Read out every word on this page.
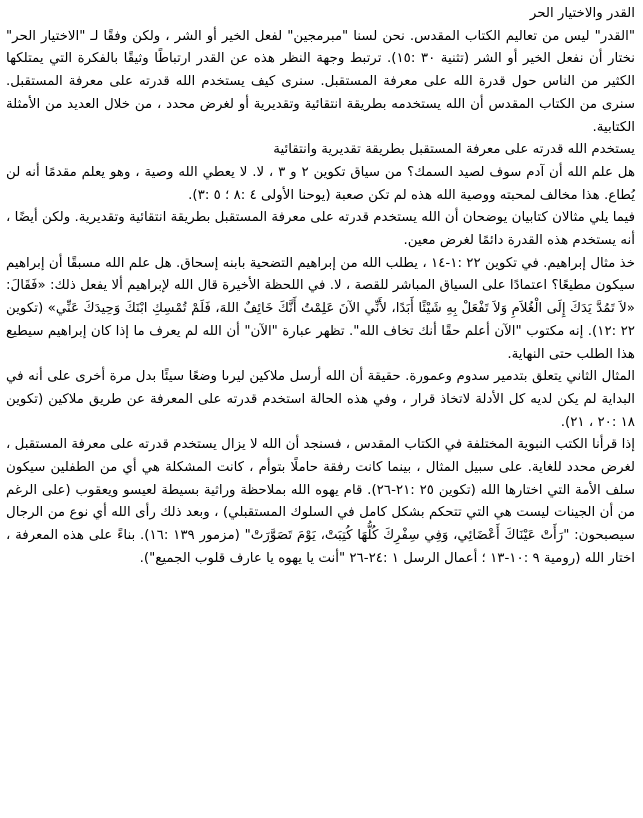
القدر والاختيار الحر

"القدر" ليس من تعاليم الكتاب المقدس. نحن لسنا "مبرمجين" لفعل الخير أو الشر ، ولكن وفقًا لـ "الاختيار الحر" نختار أن نفعل الخير أو الشر (تثنية ٣٠ :١٥). ترتبط وجهة النظر هذه عن القدر ارتباطًا وثيقًا بالفكرة التي يمتلكها الكثير من الناس حول قدرة الله على معرفة المستقبل. سنرى كيف يستخدم الله قدرته على معرفة المستقبل. سنرى من الكتاب المقدس أن الله يستخدمه بطريقة انتقائية وتقديرية أو لغرض محدد ، من خلال العديد من الأمثلة الكتابية.

يستخدم الله قدرته على معرفة المستقبل بطريقة تقديرية وانتقائية

هل علم الله أن آدم سوف لصيد السمك؟ من سياق تكوين ٢ و ٣ ، لا. لا يعطي الله وصية ، وهو يعلم مقدمًا أنه لن يُطاع. هذا مخالف لمحبته ووصية الله هذه لم تكن صعبة (يوحنا الأولى ٤ :٨ ؛ ٥ :٣).

فيما يلي مثالان كتابيان يوضحان أن الله يستخدم قدرته على معرفة المستقبل بطريقة انتقائية وتقديرية. ولكن أيضًا ، أنه يستخدم هذه القدرة دائمًا لغرض معين.

خذ مثال إبراهيم. في تكوين ٢٢ :١-١٤ ، يطلب الله من إبراهيم التضحية بابنه إسحاق. هل علم الله مسبقًا أن إبراهيم سيكون مطيعًا؟ اعتمادًا على السياق المباشر للقصة ، لا. في اللحظة الأخيرة قال الله لإبراهيم ألا يفعل ذلك: «فَقَالَ: «لاَ تَمُدَّ يَدَكَ إِلَى الْغُلاَمِ وَلاَ تَفْعَلْ بِهِ شَيْئًا أَبَدًا، لأَنِّي الآنَ عَلِمْتُ أَنَّكَ خَائِفٌ اللهَ، فَلَمْ تُمْسِكِ ابْنَكَ وَحِيدَكَ عَنِّي» (تكوين ٢٢ :١٢). إنه مكتوب "الآن أعلم حقًا أنك تخاف الله". تظهر عبارة "الآن" أن الله لم يعرف ما إذا كان إبراهيم سيطيع هذا الطلب حتى النهاية.

المثال الثاني يتعلق بتدمير سدوم وعمورة. حقيقة أن الله أرسل ملاكين ليرىا وضعًا سيئًا بدل مرة أخرى على أنه في البداية لم يكن لديه كل الأدلة لاتخاذ قرار ، وفي هذه الحالة استخدم قدرته على المعرفة عن طريق ملاكين (تكوين ١٨ :٢٠ ، ٢١).

إذا قرأنا الكتب النبوية المختلفة في الكتاب المقدس ، فسنجد أن الله لا يزال يستخدم قدرته على معرفة المستقبل ، لغرض محدد للغاية. على سبيل المثال ، بينما كانت رفقة حاملًا بتوأم ، كانت المشكلة هي أي من الطفلين سيكون سلف الأمة التي اختارها الله (تكوين ٢٥ :٢١-٢٦). قام يهوه الله بملاحظة وراثية بسيطة لعيسو ويعقوب (على الرغم من أن الجينات ليست هي التي تتحكم بشكل كامل في السلوك المستقبلي) ، وبعد ذلك رأى الله أي نوع من الرجال سيصبحون: "رَأَتْ عَيْنَاكَ أَعْضَائِي، وَفِي سِفْرِكَ كُلُّهَا كُتِبَتْ، يَوْمَ تَصَوَّرَتْ" (مزمور ١٣٩ :١٦). بناءً على هذه المعرفة ، اختار الله (رومية ٩ :١٠-١٣ ؛ أعمال الرسل ١ :٢٤-٢٦ "أنت يا يهوه يا عارف قلوب الجميع").
